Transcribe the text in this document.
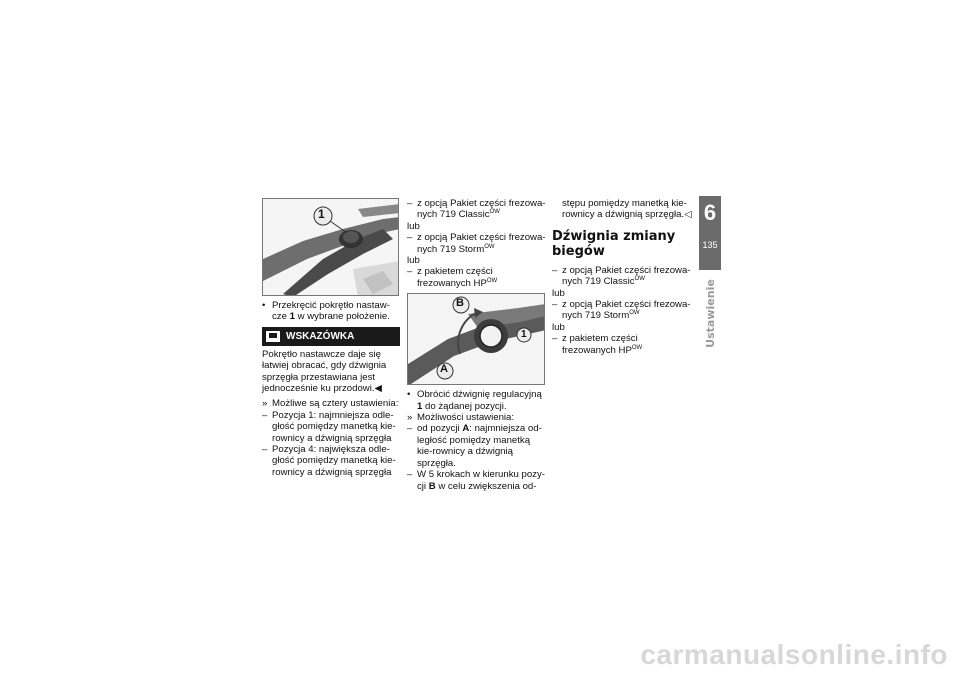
1

• Przekręcić pokrętło nastaw-cze 1 w wybrane położenie.

WSKAZÓWKA

Pokrętło nastawcze daje się łatwiej obracać, gdy dźwignia sprzęgła przestawiana jest jednocześnie ku przodowi.◀

» Możliwe są cztery ustawienia:

– Pozycja 1: najmniejsza odle-głość pomiędzy manetką kie-rownicy a dźwignią sprzęgła

– Pozycja 4: największa odle-głość pomiędzy manetką kie-rownicy a dźwignią sprzęgła

– z opcją Pakiet części frezowa-nych 719 Classic$^{OW}$

lub

– z opcją Pakiet części frezowa-nych 719 Storm$^{OW}$

lub

– z pakietem części frezowanych $HP^{OW}$

B
1
A

• Obrócić dźwignię regulacyjną 1 do żądanej pozycji.

» Możliwości ustawienia:

– od pozycji A: najmniejsza od-ległość pomiędzy manetką kie-rownicy a dźwignią sprzęgła.

– W 5 krokach w kierunku pozy-cji B w celu zwiększenia od-

stępu pomiędzy manetką kie-rownicy a dźwignią sprzęgła.◁

Dźwignia zmiany biegów

– z opcją Pakiet części frezowa-nych 719 Classic$^{OW}$

lub

– z opcją Pakiet części frezowa-nych 719 Storm$^{OW}$

lub

– z pakietem części frezowanych $HP^{OW}$

6
135
Ustawienie
carmanualsonline.info
